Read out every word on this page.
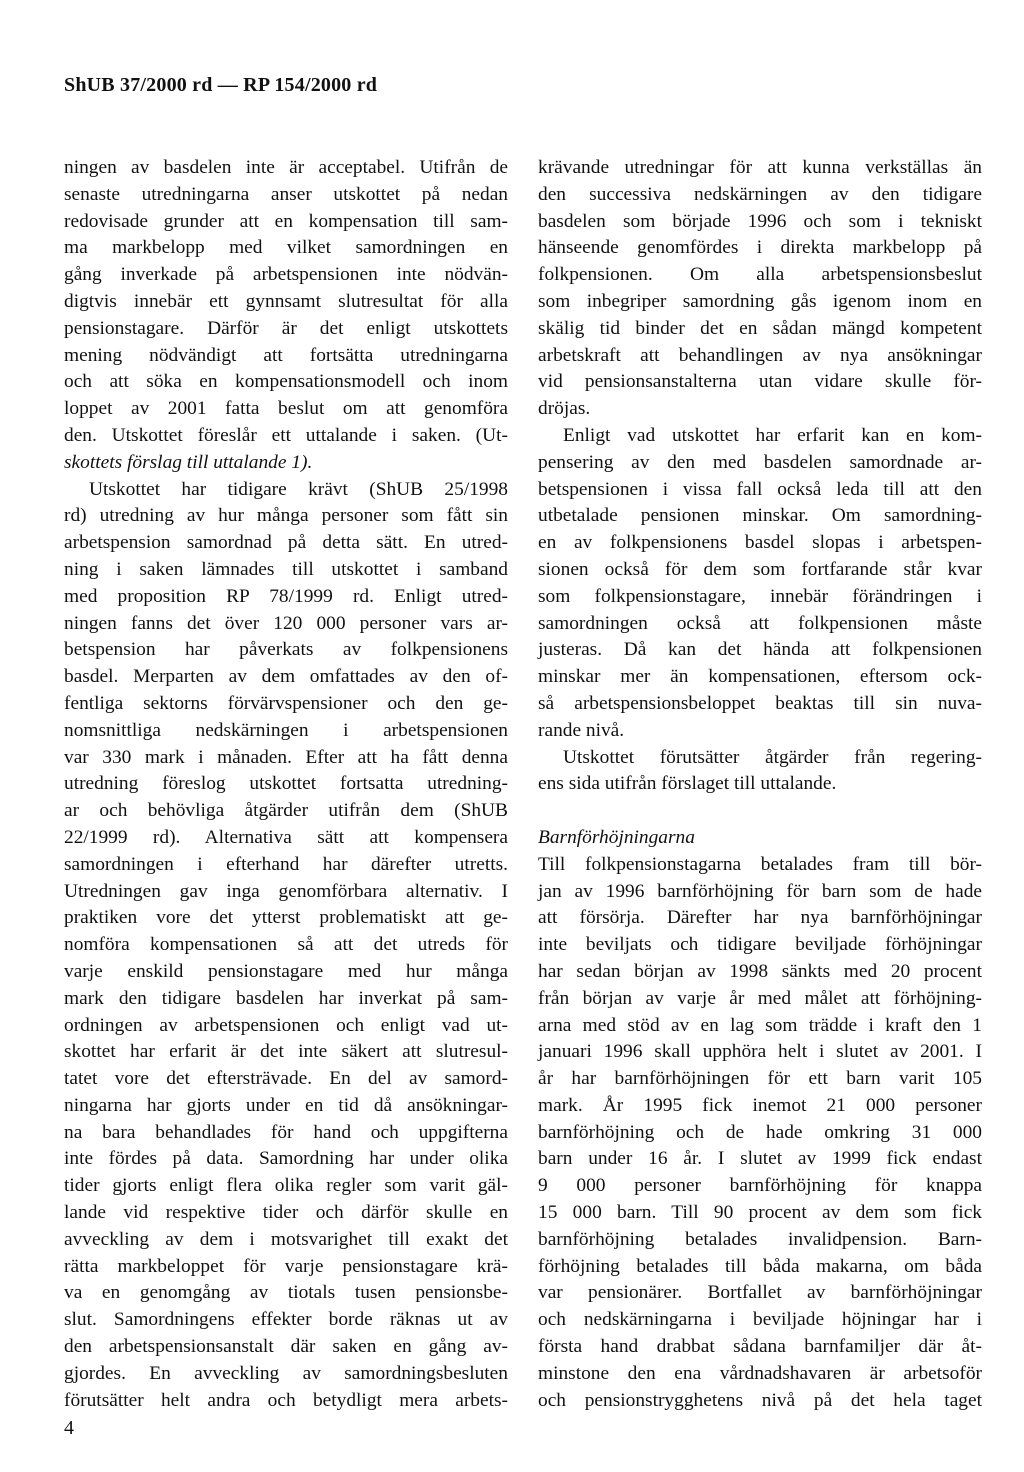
ShUB 37/2000 rd — RP 154/2000 rd
ningen av basdelen inte är acceptabel. Utifrån de
senaste utredningarna anser utskottet på nedan
redovisade grunder att en kompensation till sam-
ma markbelopp med vilket samordningen en
gång inverkade på arbetspensionen inte nödvän-
digtvis innebär ett gynnsamt slutresultat för alla
pensionstagare. Därför är det enligt utskottets
mening nödvändigt att fortsätta utredningarna
och att söka en kompensationsmodell och inom
loppet av 2001 fatta beslut om att genomföra
den. Utskottet föreslår ett uttalande i saken. (Ut-
skottets förslag till uttalande 1).
Utskottet har tidigare krävt (ShUB 25/1998
rd) utredning av hur många personer som fått sin
arbetspension samordnad på detta sätt. En utred-
ning i saken lämnades till utskottet i samband
med proposition RP 78/1999 rd. Enligt utred-
ningen fanns det över 120 000 personer vars ar-
betspension har påverkats av folkpensionens
basdel. Merparten av dem omfattades av den of-
fentliga sektorns förvärvspensioner och den ge-
nomsnittliga nedskärningen i arbetspensionen
var 330 mark i månaden. Efter att ha fått denna
utredning föreslog utskottet fortsatta utredning-
ar och behövliga åtgärder utifrån dem (ShUB
22/1999 rd). Alternativa sätt att kompensera
samordningen i efterhand har därefter utretts.
Utredningen gav inga genomförbara alternativ. I
praktiken vore det ytterst problematiskt att ge-
nomföra kompensationen så att det utreds för
varje enskild pensionstagare med hur många
mark den tidigare basdelen har inverkat på sam-
ordningen av arbetspensionen och enligt vad ut-
skottet har erfarit är det inte säkert att slutresul-
tatet vore det eftersträvade. En del av samord-
ningarna har gjorts under en tid då ansökningar-
na bara behandlades för hand och uppgifterna
inte fördes på data. Samordning har under olika
tider gjorts enligt flera olika regler som varit gäl-
lande vid respektive tider och därför skulle en
avveckling av dem i motsvarighet till exakt det
rätta markbeloppet för varje pensionstagare krä-
va en genomgång av tiotals tusen pensionsbe-
slut. Samordningens effekter borde räknas ut av
den arbetspensionsanstalt där saken en gång av-
gjordes. En avveckling av samordningsbesluten
förutsätter helt andra och betydligt mera arbets-
krävande utredningar för att kunna verkställas än
den successiva nedskärningen av den tidigare
basdelen som började 1996 och som i tekniskt
hänseende genomfördes i direkta markbelopp på
folkpensionen. Om alla arbetspensionsbeslut
som inbegriper samordning gås igenom inom en
skälig tid binder det en sådan mängd kompetent
arbetskraft att behandlingen av nya ansökningar
vid pensionsanstalterna utan vidare skulle för-
dröjas.
Enligt vad utskottet har erfarit kan en kom-
pensering av den med basdelen samordnade ar-
betspensionen i vissa fall också leda till att den
utbetalade pensionen minskar. Om samordning-
en av folkpensionens basdel slopas i arbetspen-
sionen också för dem som fortfarande står kvar
som folkpensionstagare, innebär förändringen i
samordningen också att folkpensionen måste
justeras. Då kan det hända att folkpensionen
minskar mer än kompensationen, eftersom ock-
så arbetspensionsbeloppet beaktas till sin nuva-
rande nivå.
Utskottet förutsätter åtgärder från regering-
ens sida utifrån förslaget till uttalande.
Barnförhöjningarna
Till folkpensionstagarna betalades fram till bör-
jan av 1996 barnförhöjning för barn som de hade
att försörja. Därefter har nya barnförhöjningar
inte beviljats och tidigare beviljade förhöjningar
har sedan början av 1998 sänkts med 20 procent
från början av varje år med målet att förhöjning-
arna med stöd av en lag som trädde i kraft den 1
januari 1996 skall upphöra helt i slutet av 2001. I
år har barnförhöjningen för ett barn varit 105
mark. År 1995 fick inemot 21 000 personer
barnförhöjning och de hade omkring 31 000
barn under 16 år. I slutet av 1999 fick endast
9 000 personer barnförhöjning för knappa
15 000 barn. Till 90 procent av dem som fick
barnförhöjning betalades invalidpension. Barn-
förhöjning betalades till båda makarna, om båda
var pensionärer. Bortfallet av barnförhöjningar
och nedskärningarna i beviljade höjningar har i
första hand drabbat sådana barnfamiljer där åt-
minstone den ena vårdnadshavaren är arbetsoför
och pensionstrygghetens nivå på det hela taget
4
